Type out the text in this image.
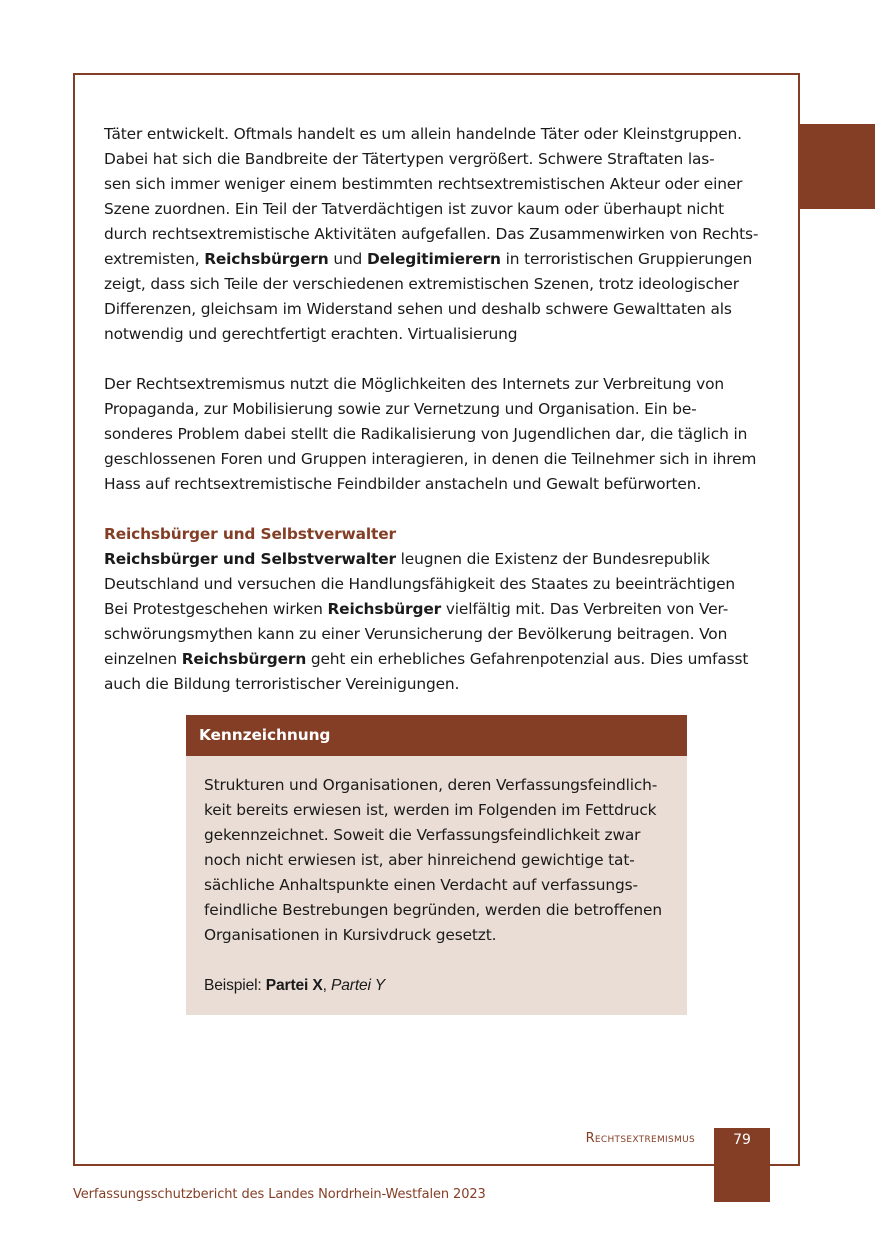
Täter entwickelt. Oftmals handelt es um allein handelnde Täter oder Kleinstgruppen.
Dabei hat sich die Bandbreite der Tätertypen vergrößert. Schwere Straftaten las-
sen sich immer weniger einem bestimmten rechtsextremistischen Akteur oder einer
Szene zuordnen. Ein Teil der Tatverdächtigen ist zuvor kaum oder überhaupt nicht
durch rechtsextremistische Aktivitäten aufgefallen. Das Zusammenwirken von Rechts-
extremisten, Reichsbürgern und Delegitimierern in terroristischen Gruppierungen
zeigt, dass sich Teile der verschiedenen extremistischen Szenen, trotz ideologischer
Differenzen, gleichsam im Widerstand sehen und deshalb schwere Gewalttaten als
notwendig und gerechtfertigt erachten. Virtualisierung

Der Rechtsextremismus nutzt die Möglichkeiten des Internets zur Verbreitung von
Propaganda, zur Mobilisierung sowie zur Vernetzung und Organisation. Ein be-
sonderes Problem dabei stellt die Radikalisierung von Jugendlichen dar, die täglich in
geschlossenen Foren und Gruppen interagieren, in denen die Teilnehmer sich in ihrem
Hass auf rechtsextremistische Feindbilder anstacheln und Gewalt befürworten.

Reichsbürger und Selbstverwalter
Reichsbürger und Selbstverwalter leugnen die Existenz der Bundesrepublik
Deutschland und versuchen die Handlungsfähigkeit des Staates zu beeinträchtigen
Bei Protestgeschehen wirken Reichsbürger vielfältig mit. Das Verbreiten von Ver-
schwörungsmythen kann zu einer Verunsicherung der Bevölkerung beitragen. Von
einzelnen Reichsbürgern geht ein erhebliches Gefahrenpotenzial aus. Dies umfasst
auch die Bildung terroristischer Vereinigungen.

Kennzeichnung
Strukturen und Organisationen, deren Verfassungsfeindlich-
keit bereits erwiesen ist, werden im Folgenden im Fettdruck
gekennzeichnet. Soweit die Verfassungsfeindlichkeit zwar
noch nicht erwiesen ist, aber hinreichend gewichtige tat-
sächliche Anhaltspunkte einen Verdacht auf verfassungs-
feindliche Bestrebungen begründen, werden die betroffenen
Organisationen in Kursivdruck gesetzt.
Beispiel: Partei X, Partei Y
Rechtsextremismus	79
Verfassungsschutzbericht des Landes Nordrhein-Westfalen 2023
